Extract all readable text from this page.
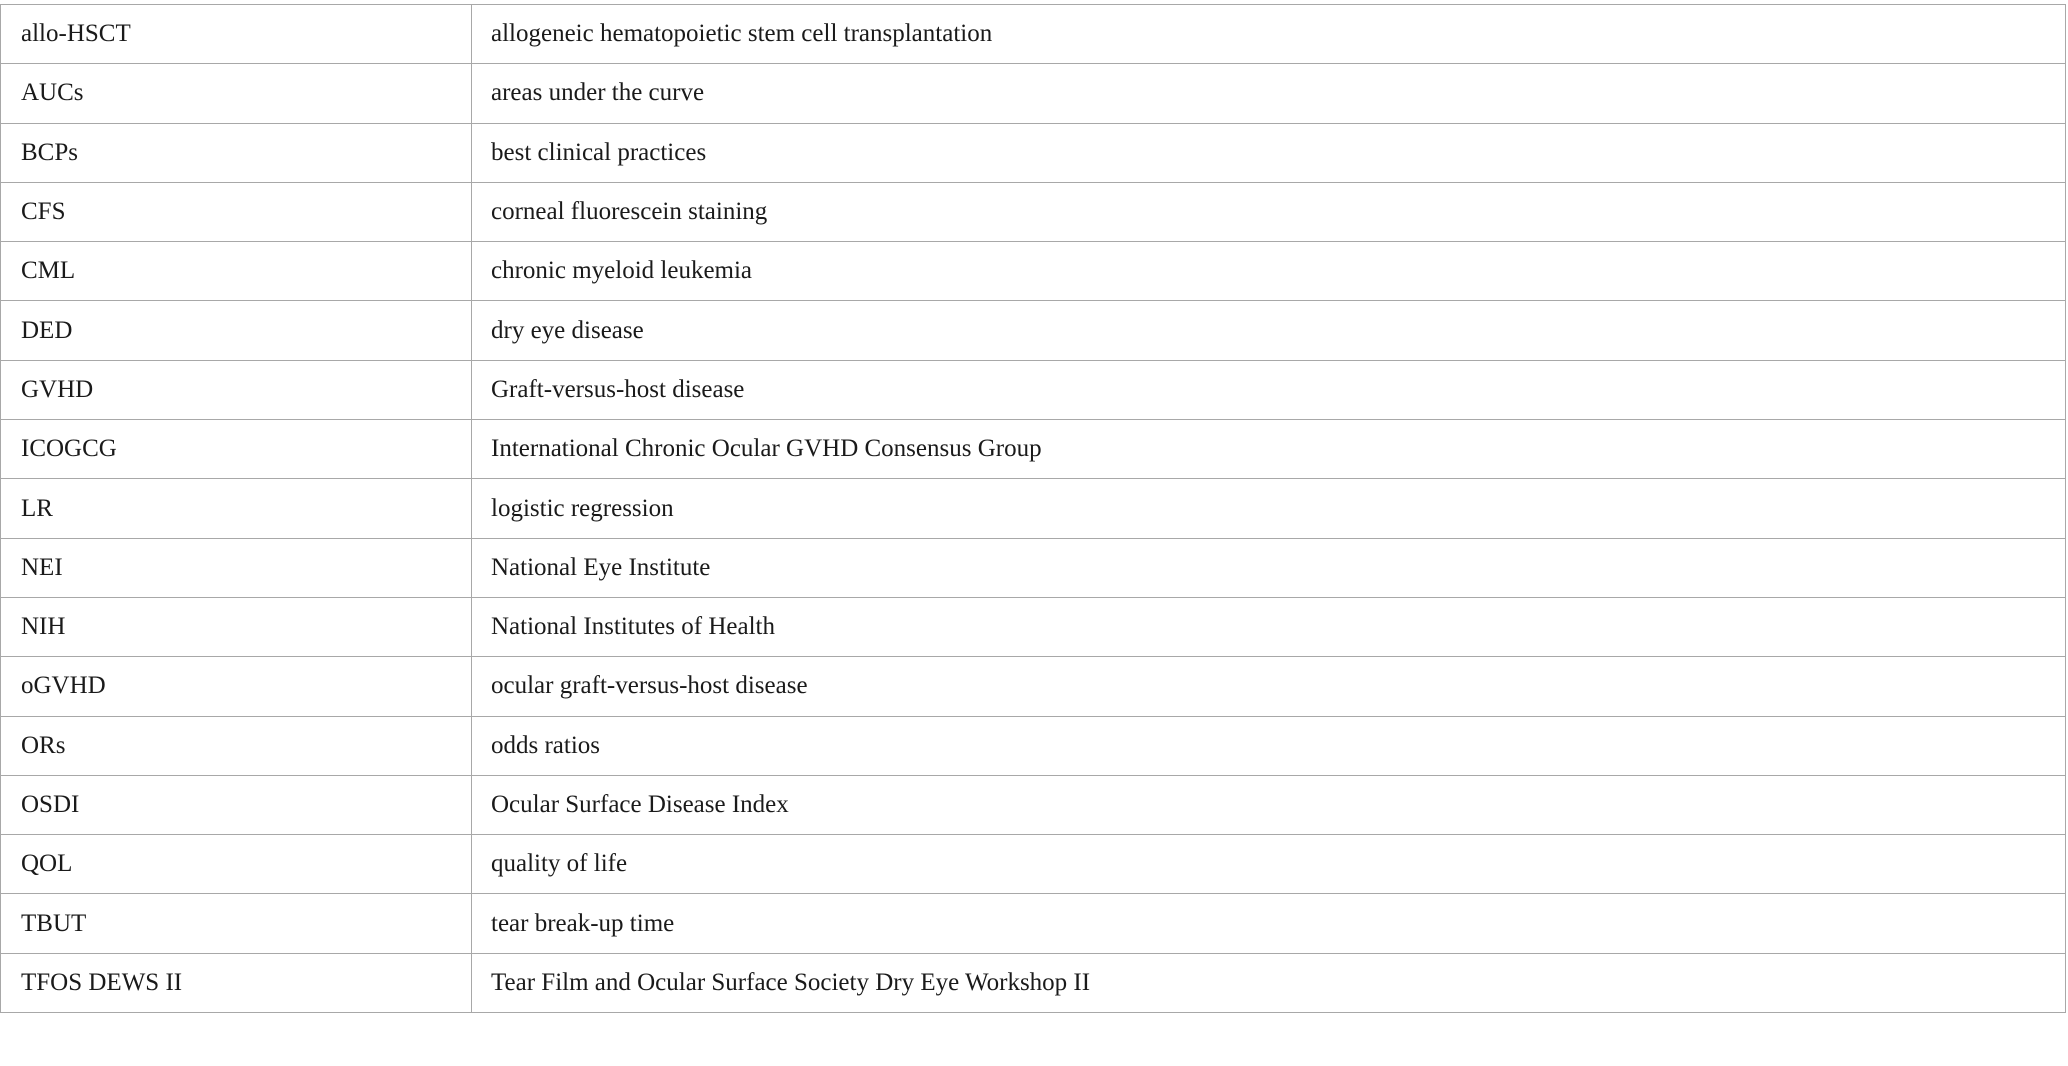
allo-HSCT	allogeneic hematopoietic stem cell transplantation
AUCs	areas under the curve
BCPs	best clinical practices
CFS	corneal fluorescein staining
CML	chronic myeloid leukemia
DED	dry eye disease
GVHD	Graft-versus-host disease
ICOGCG	International Chronic Ocular GVHD Consensus Group
LR	logistic regression
NEI	National Eye Institute
NIH	National Institutes of Health
oGVHD	ocular graft-versus-host disease
ORs	odds ratios
OSDI	Ocular Surface Disease Index
QOL	quality of life
TBUT	tear break-up time
TFOS DEWS II	Tear Film and Ocular Surface Society Dry Eye Workshop II
